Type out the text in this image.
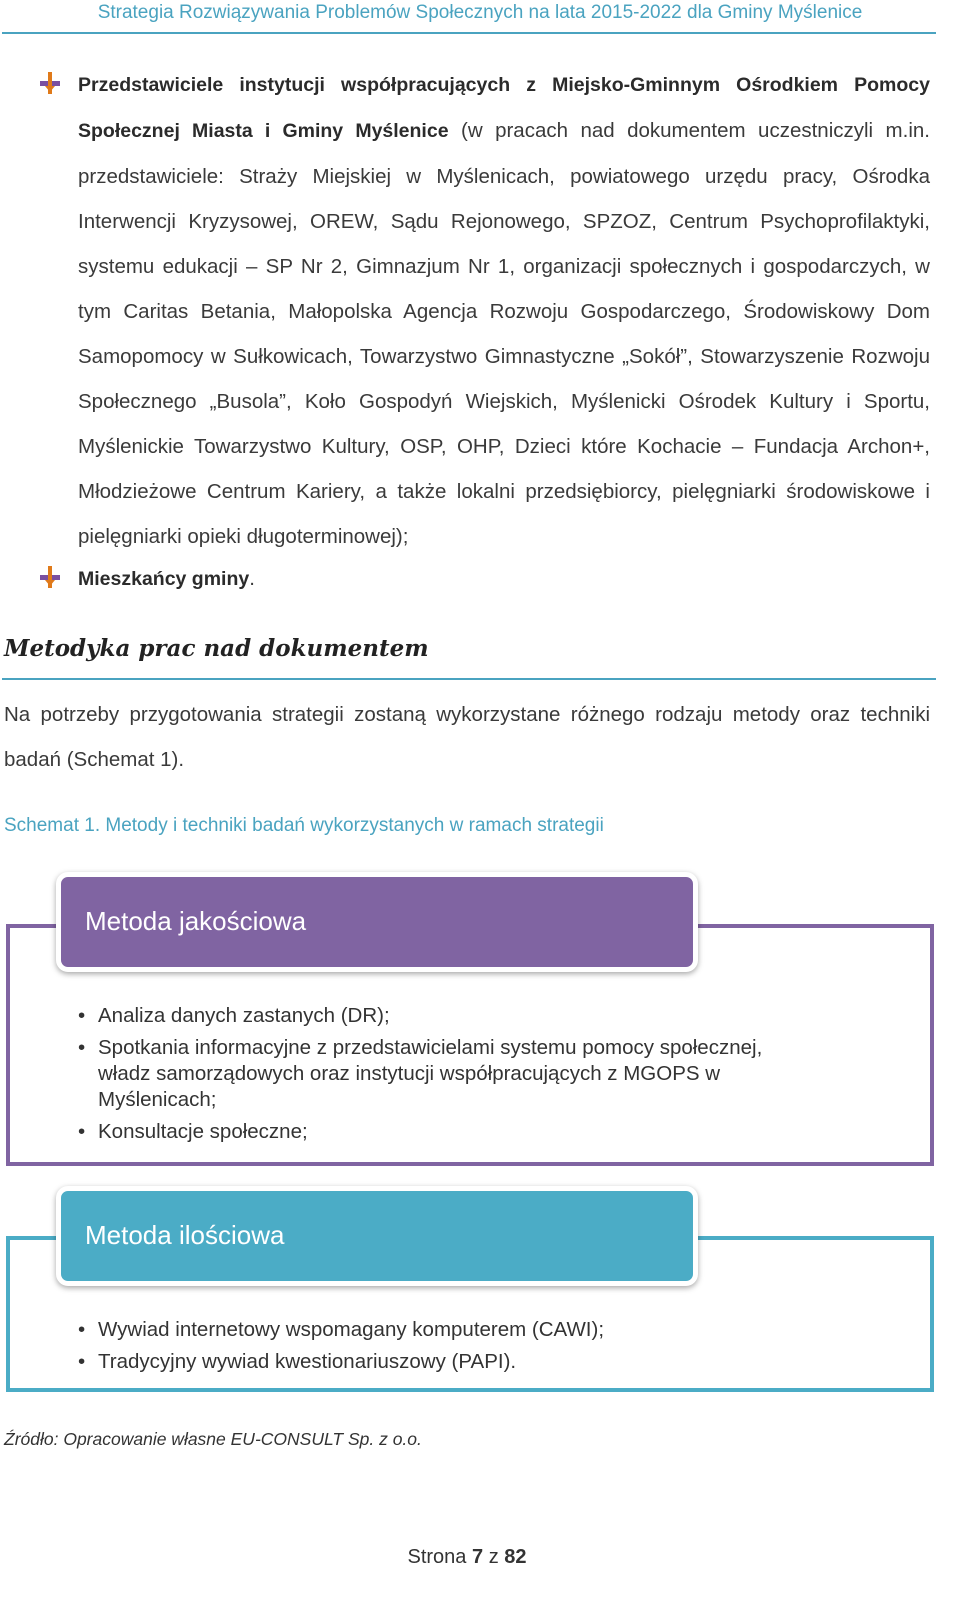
Strategia Rozwiązywania Problemów Społecznych na lata 2015-2022 dla Gminy Myślenice
Przedstawiciele instytucji współpracujących z Miejsko-Gminnym Ośrodkiem Pomocy Społecznej Miasta i Gminy Myślenice (w pracach nad dokumentem uczestniczyli m.in. przedstawiciele: Straży Miejskiej w Myślenicach, powiatowego urzędu pracy, Ośrodka Interwencji Kryzysowej, OREW, Sądu Rejonowego, SPZOZ, Centrum Psychoprofilaktyki, systemu edukacji – SP Nr 2, Gimnazjum Nr 1, organizacji społecznych i gospodarczych, w tym Caritas Betania, Małopolska Agencja Rozwoju Gospodarczego, Środowiskowy Dom Samopomocy w Sułkowicach, Towarzystwo Gimnastyczne „Sokół”, Stowarzyszenie Rozwoju Społecznego „Busola”, Koło Gospodyń Wiejskich, Myślenicki Ośrodek Kultury i Sportu, Myślenickie Towarzystwo Kultury, OSP, OHP, Dzieci które Kochacie – Fundacja Archon+, Młodzieżowe Centrum Kariery, a także lokalni przedsiębiorcy, pielęgniarki środowiskowe i pielęgniarki opieki długoterminowej);
Mieszkańcy gminy.
Metodyka prac nad dokumentem
Na potrzeby przygotowania strategii zostaną wykorzystane różnego rodzaju metody oraz techniki badań (Schemat 1).
Schemat 1. Metody i techniki badań wykorzystanych w ramach strategii
Metoda jakościowa
• Analiza danych zastanych (DR);
• Spotkania informacyjne z przedstawicielami systemu pomocy społecznej, władz samorządowych oraz instytucji współpracujących z MGOPS w Myślenicach;
• Konsultacje społeczne;
Metoda ilościowa
• Wywiad internetowy wspomagany komputerem (CAWI);
• Tradycyjny wywiad kwestionariuszowy (PAPI).
Źródło: Opracowanie własne EU-CONSULT Sp. z o.o.
Strona 7 z 82
